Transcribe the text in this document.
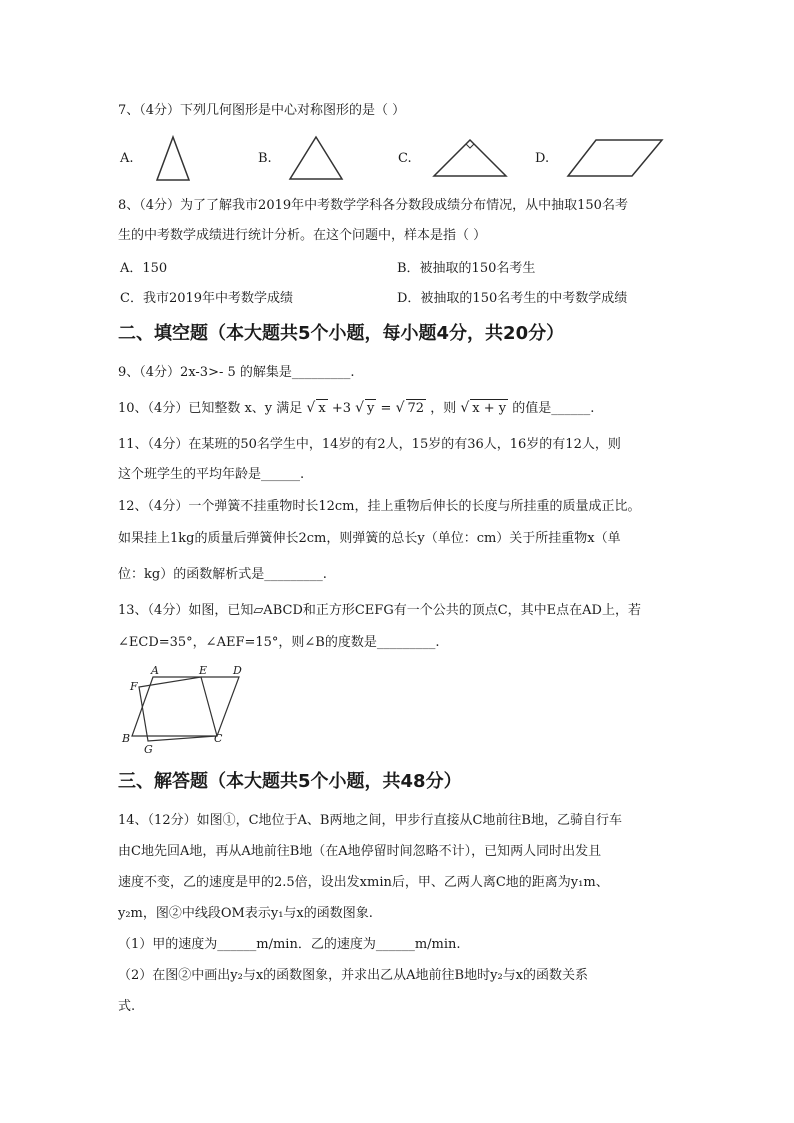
7、（4分）下列几何图形是中心对称图形的是（ ）
A.	B.	C.	D.
8、（4分）为了了解我市2019年中考数学学科各分数段成绩分布情况，从中抽取150名考
生的中考数学成绩进行统计分析。在这个问题中，样本是指（ ）
A．150	B．被抽取的150名考生
C．我市2019年中考数学成绩	D．被抽取的150名考生的中考数学成绩
二、填空题（本大题共5个小题，每小题4分，共20分）
9、（4分）2x-3>- 5 的解集是_________.
10、（4分）已知整数 x、y 满足 √ x +3 √ y = √ 72 ，则 √ x + y 的值是______.
11、（4分）在某班的50名学生中，14岁的有2人，15岁的有36人，16岁的有12人，则
这个班学生的平均年龄是______.
12、（4分）一个弹簧不挂重物时长12cm，挂上重物后伸长的长度与所挂重的质量成正比。
如果挂上1kg的质量后弹簧伸长2cm，则弹簧的总长y（单位：cm）关于所挂重物x（单
位：kg）的函数解析式是_________.
13、（4分）如图，已知▱ABCD和正方形CEFG有一个公共的顶点C，其中E点在AD上，若
∠ECD=35°，∠AEF=15°，则∠B的度数是_________.
A	E D
F
B
G
C
三、解答题（本大题共5个小题，共48分）
14、（12分）如图①，C地位于A、B两地之间，甲步行直接从C地前往B地，乙骑自行车
由C地先回A地，再从A地前往B地（在A地停留时间忽略不计），已知两人同时出发且
速度不变，乙的速度是甲的2.5倍，设出发xmin后，甲、乙两人离C地的距离为y₁m、
y₂m，图②中线段OM表示y₁与x的函数图象.
（1）甲的速度为______m/min．乙的速度为______m/min.
（2）在图②中画出y₂与x的函数图象，并求出乙从A地前往B地时y₂与x的函数关系
式.
